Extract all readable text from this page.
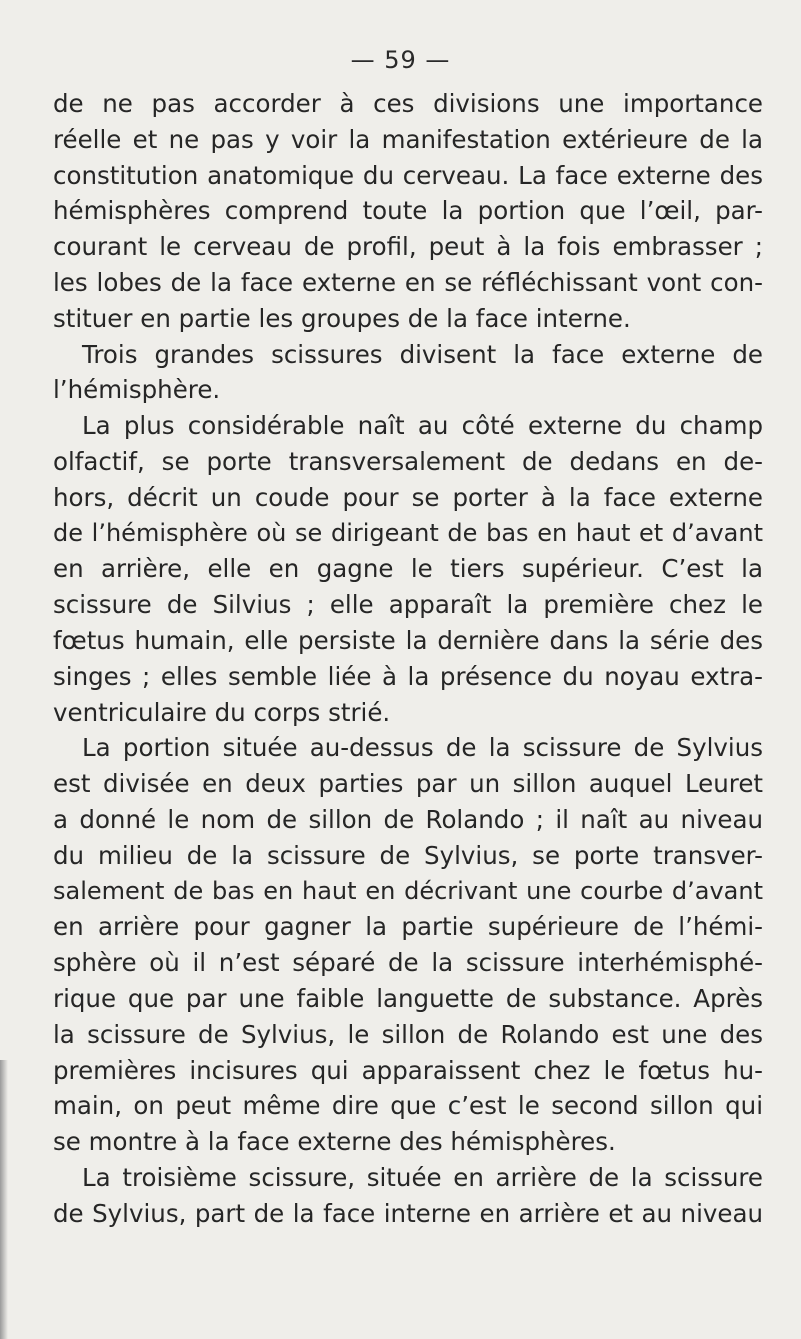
— 59 —
de ne pas accorder à ces divisions une importance
réelle et ne pas y voir la manifestation extérieure de la
constitution anatomique du cerveau. La face externe des
hémisphères comprend toute la portion que l’œil, par-
courant le cerveau de profil, peut à la fois embrasser ;
les lobes de la face externe en se réfléchissant vont con-
stituer en partie les groupes de la face interne.
Trois grandes scissures divisent la face externe de
l’hémisphère.
La plus considérable naît au côté externe du champ
olfactif, se porte transversalement de dedans en de-
hors, décrit un coude pour se porter à la face externe
de l’hémisphère où se dirigeant de bas en haut et d’avant
en arrière, elle en gagne le tiers supérieur. C’est la
scissure de Silvius ; elle apparaît la première chez le
fœtus humain, elle persiste la dernière dans la série des
singes ; elles semble liée à la présence du noyau extra-
ventriculaire du corps strié.
La portion située au-dessus de la scissure de Sylvius
est divisée en deux parties par un sillon auquel Leuret
a donné le nom de sillon de Rolando ; il naît au niveau
du milieu de la scissure de Sylvius, se porte transver-
salement de bas en haut en décrivant une courbe d’avant
en arrière pour gagner la partie supérieure de l’hémi-
sphère où il n’est séparé de la scissure interhémisphé-
rique que par une faible languette de substance. Après
la scissure de Sylvius, le sillon de Rolando est une des
premières incisures qui apparaissent chez le fœtus hu-
main, on peut même dire que c’est le second sillon qui
se montre à la face externe des hémisphères.
La troisième scissure, située en arrière de la scissure
de Sylvius, part de la face interne en arrière et au niveau
